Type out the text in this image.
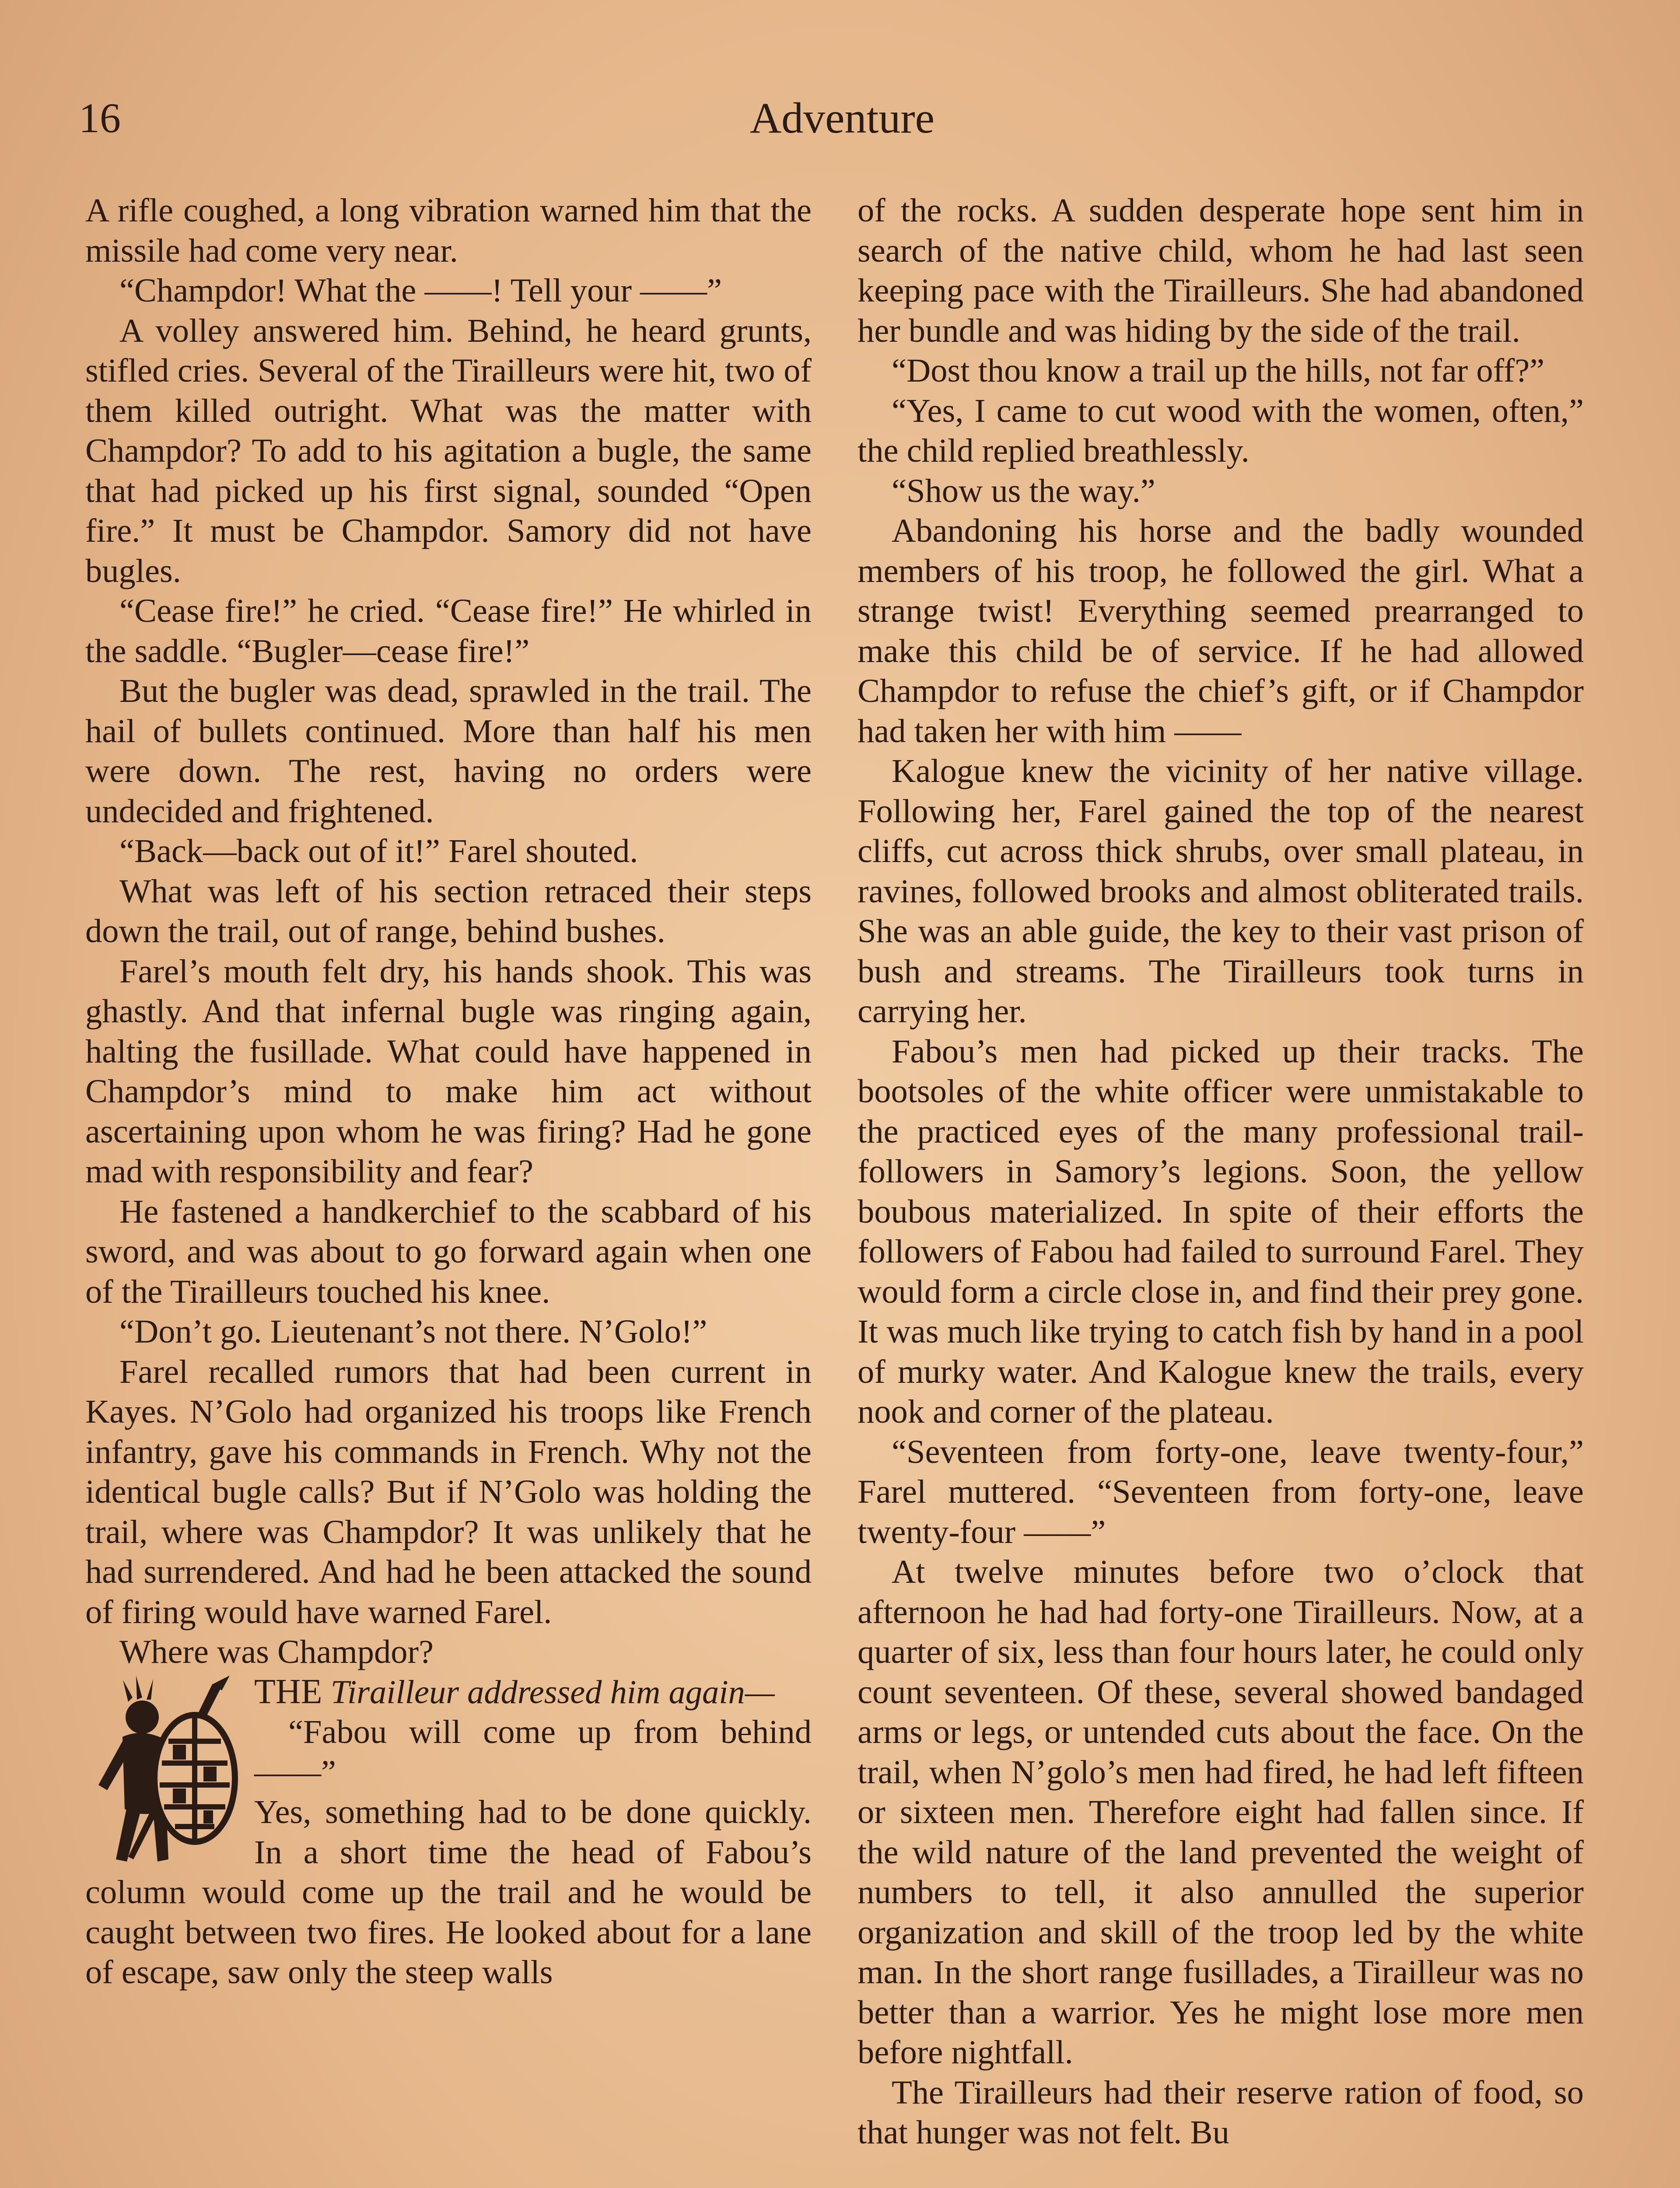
16	Adventure

A rifle coughed, a long vibration warned him that the missile had come very near.

“Champdor! What the ——! Tell your ——”

A volley answered him. Behind, he heard grunts, stifled cries. Several of the Tirailleurs were hit, two of them killed outright. What was the matter with Champdor? To add to his agitation a bugle, the same that had picked up his first signal, sounded “Open fire.” It must be Champdor. Samory did not have bugles.

“Cease fire!” he cried. “Cease fire!” He whirled in the saddle. “Bugler—cease fire!”

But the bugler was dead, sprawled in the trail. The hail of bullets continued. More than half his men were down. The rest, having no orders were undecided and frightened.

“Back—back out of it!” Farel shouted.

What was left of his section retraced their steps down the trail, out of range, behind bushes.

Farel’s mouth felt dry, his hands shook. This was ghastly. And that infernal bugle was ringing again, halting the fusillade. What could have happened in Champdor’s mind to make him act without ascertaining upon whom he was firing? Had he gone mad with responsibility and fear?

He fastened a handkerchief to the scabbard of his sword, and was about to go forward again when one of the Tirailleurs touched his knee.

“Don’t go. Lieutenant’s not there. N’Golo!”

Farel recalled rumors that had been current in Kayes. N’Golo had organized his troops like French infantry, gave his commands in French. Why not the identical bugle calls? But if N’Golo was holding the trail, where was Champdor? It was unlikely that he had surrendered. And had he been attacked the sound of firing would have warned Farel.

Where was Champdor?

THE Tirailleur addressed him again—

“Fabou will come up from behind——”

Yes, something had to be done quickly. In a short time the head of Fabou’s column would come up the trail and he would be caught between two fires. He looked about for a lane of escape, saw only the steep walls

of the rocks. A sudden desperate hope sent him in search of the native child, whom he had last seen keeping pace with the Tirailleurs. She had abandoned her bundle and was hiding by the side of the trail.

“Dost thou know a trail up the hills, not far off?”

“Yes, I came to cut wood with the women, often,” the child replied breathlessly.

“Show us the way.”

Abandoning his horse and the badly wounded members of his troop, he followed the girl. What a strange twist! Everything seemed prearranged to make this child be of service. If he had allowed Champdor to refuse the chief’s gift, or if Champdor had taken her with him ——

Kalogue knew the vicinity of her native village. Following her, Farel gained the top of the nearest cliffs, cut across thick shrubs, over small plateau, in ravines, followed brooks and almost obliterated trails. She was an able guide, the key to their vast prison of bush and streams. The Tirailleurs took turns in carrying her.

Fabou’s men had picked up their tracks. The bootsoles of the white officer were unmistakable to the practiced eyes of the many professional trail-followers in Samory’s legions. Soon, the yellow boubous materialized. In spite of their efforts the followers of Fabou had failed to surround Farel. They would form a circle close in, and find their prey gone. It was much like trying to catch fish by hand in a pool of murky water. And Kalogue knew the trails, every nook and corner of the plateau.

“Seventeen from forty-one, leave twenty-four,” Farel muttered. “Seventeen from forty-one, leave twenty-four ——”

At twelve minutes before two o’clock that afternoon he had had forty-one Tirailleurs. Now, at a quarter of six, less than four hours later, he could only count seventeen. Of these, several showed bandaged arms or legs, or untended cuts about the face. On the trail, when N’golo’s men had fired, he had left fifteen or sixteen men. Therefore eight had fallen since. If the wild nature of the land prevented the weight of numbers to tell, it also annulled the superior organization and skill of the troop led by the white man. In the short range fusillades, a Tirailleur was no better than a warrior. Yes he might lose more men before nightfall.

The Tirailleurs had their reserve ration of food, so that hunger was not felt. Bu
